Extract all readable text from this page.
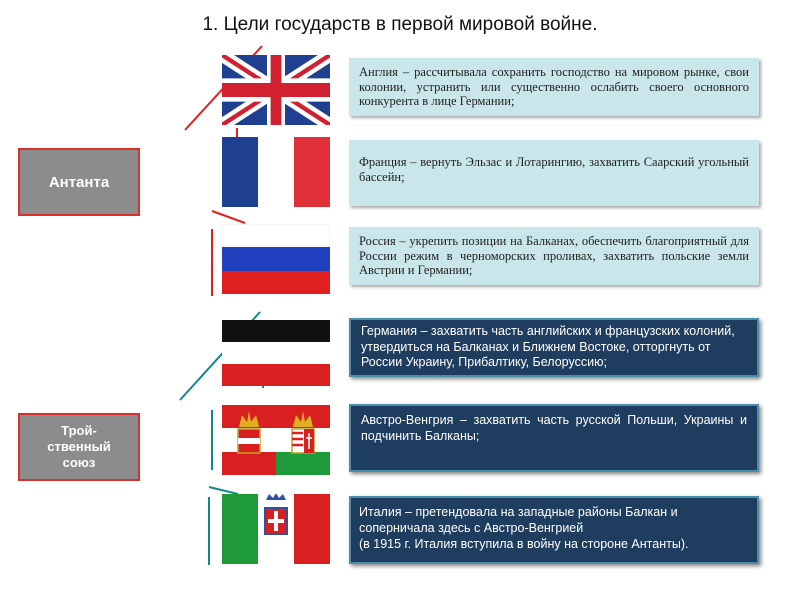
1. Цели государств в первой мировой войне.
Антанта
Трой-
ственный
союз
Англия – рассчитывала сохранить господство на мировом рынке, свои колонии, устранить или существенно ослабить своего основного конкурента в лице Германии;
Франция – вернуть Эльзас и Лотарингию, захватить Саарский угольный бассейн;
Россия – укрепить позиции на Балканах, обеспечить благоприятный для России режим в черноморских проливах, захватить польские земли Австрии и Германии;
Германия – захватить часть английских и французских колоний, утвердиться на Балканах и Ближнем Востоке, отторгнуть от России Украину, Прибалтику, Белоруссию;
Австро-Венгрия – захватить часть русской Польши, Украины и подчинить Балканы;
Италия – претендовала на западные районы Балкан и соперничала здесь с Австро-Венгрией
(в 1915 г. Италия вступила в войну на стороне Антанты).
